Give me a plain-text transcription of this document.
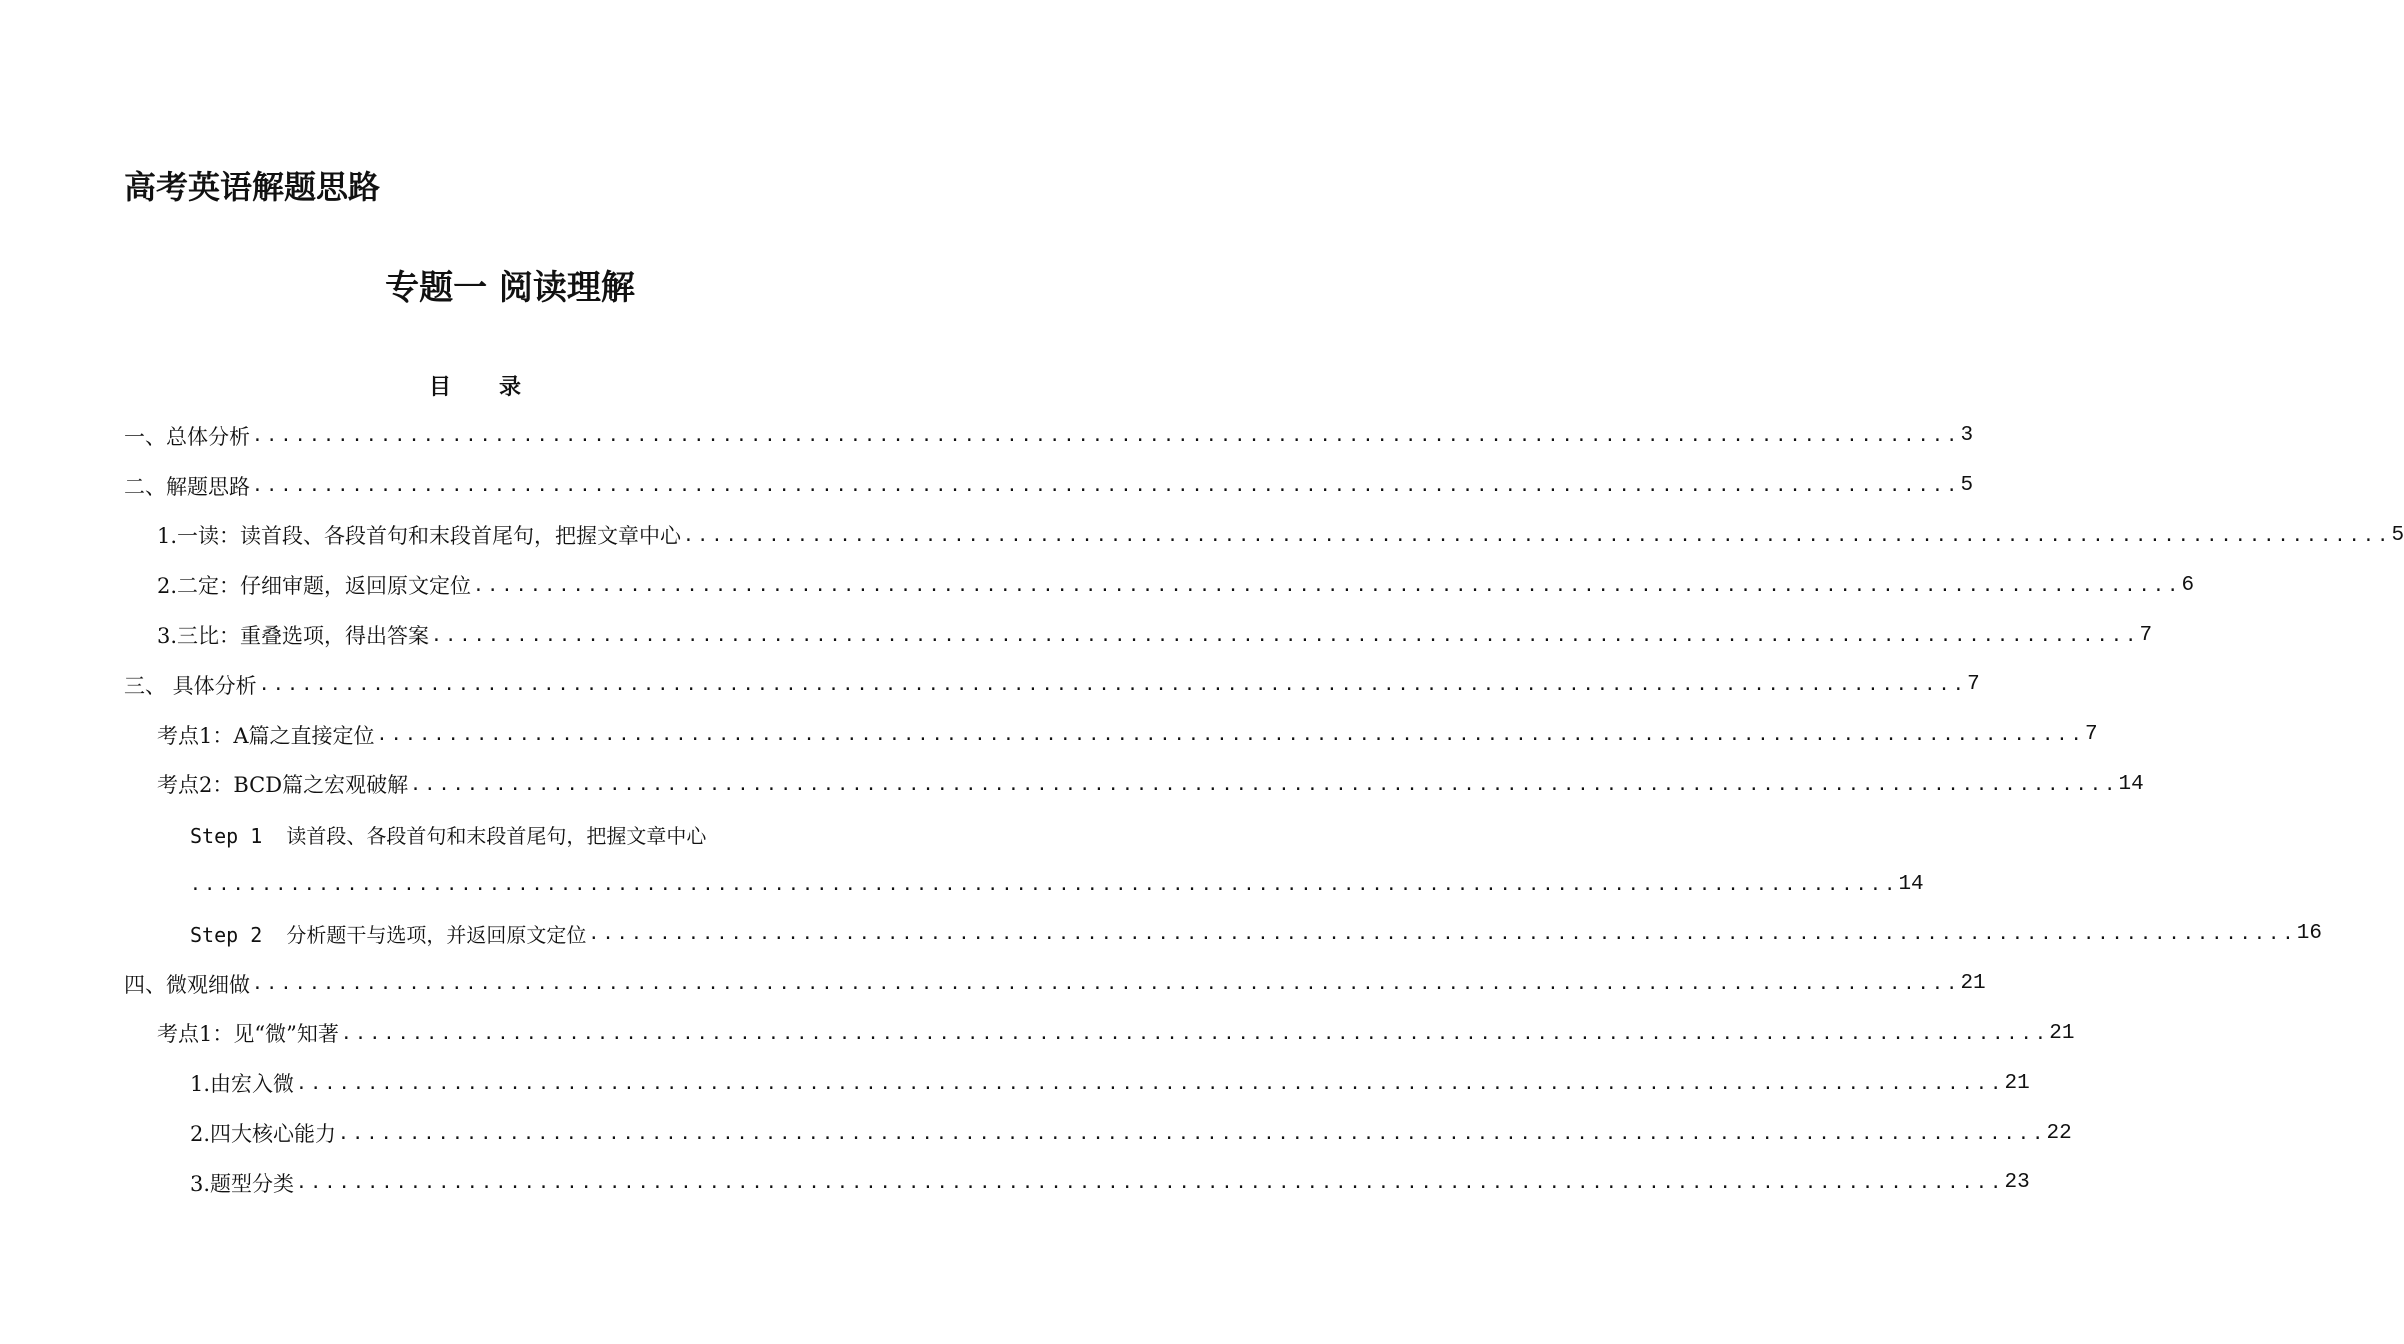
高考英语解题思路
专题一 阅读理解
目录
一、总体分析 ........................................................................................................................ 3
二、解题思路 ........................................................................................................................ 5
1.一读：读首段、各段首句和末段首尾句，把握文章中心 ........................................................................................................................ 5
2.二定：仔细审题，返回原文定位 ........................................................................................................................ 6
3.三比：重叠选项，得出答案 ........................................................................................................................ 7
三、 具体分析 ........................................................................................................................ 7
考点1：A篇之直接定位 ........................................................................................................................ 7
考点2：BCD篇之宏观破解 ........................................................................................................................ 14
Step 1  读首段、各段首句和末段首尾句，把握文章中心
........................................................................................................................ 14
Step 2  分析题干与选项，并返回原文定位 ........................................................................................................................ 16
四、微观细做 ........................................................................................................................ 21
考点1：见“微”知著 ........................................................................................................................ 21
1.由宏入微 ........................................................................................................................ 21
2.四大核心能力 ........................................................................................................................ 22
3.题型分类 ........................................................................................................................ 23
